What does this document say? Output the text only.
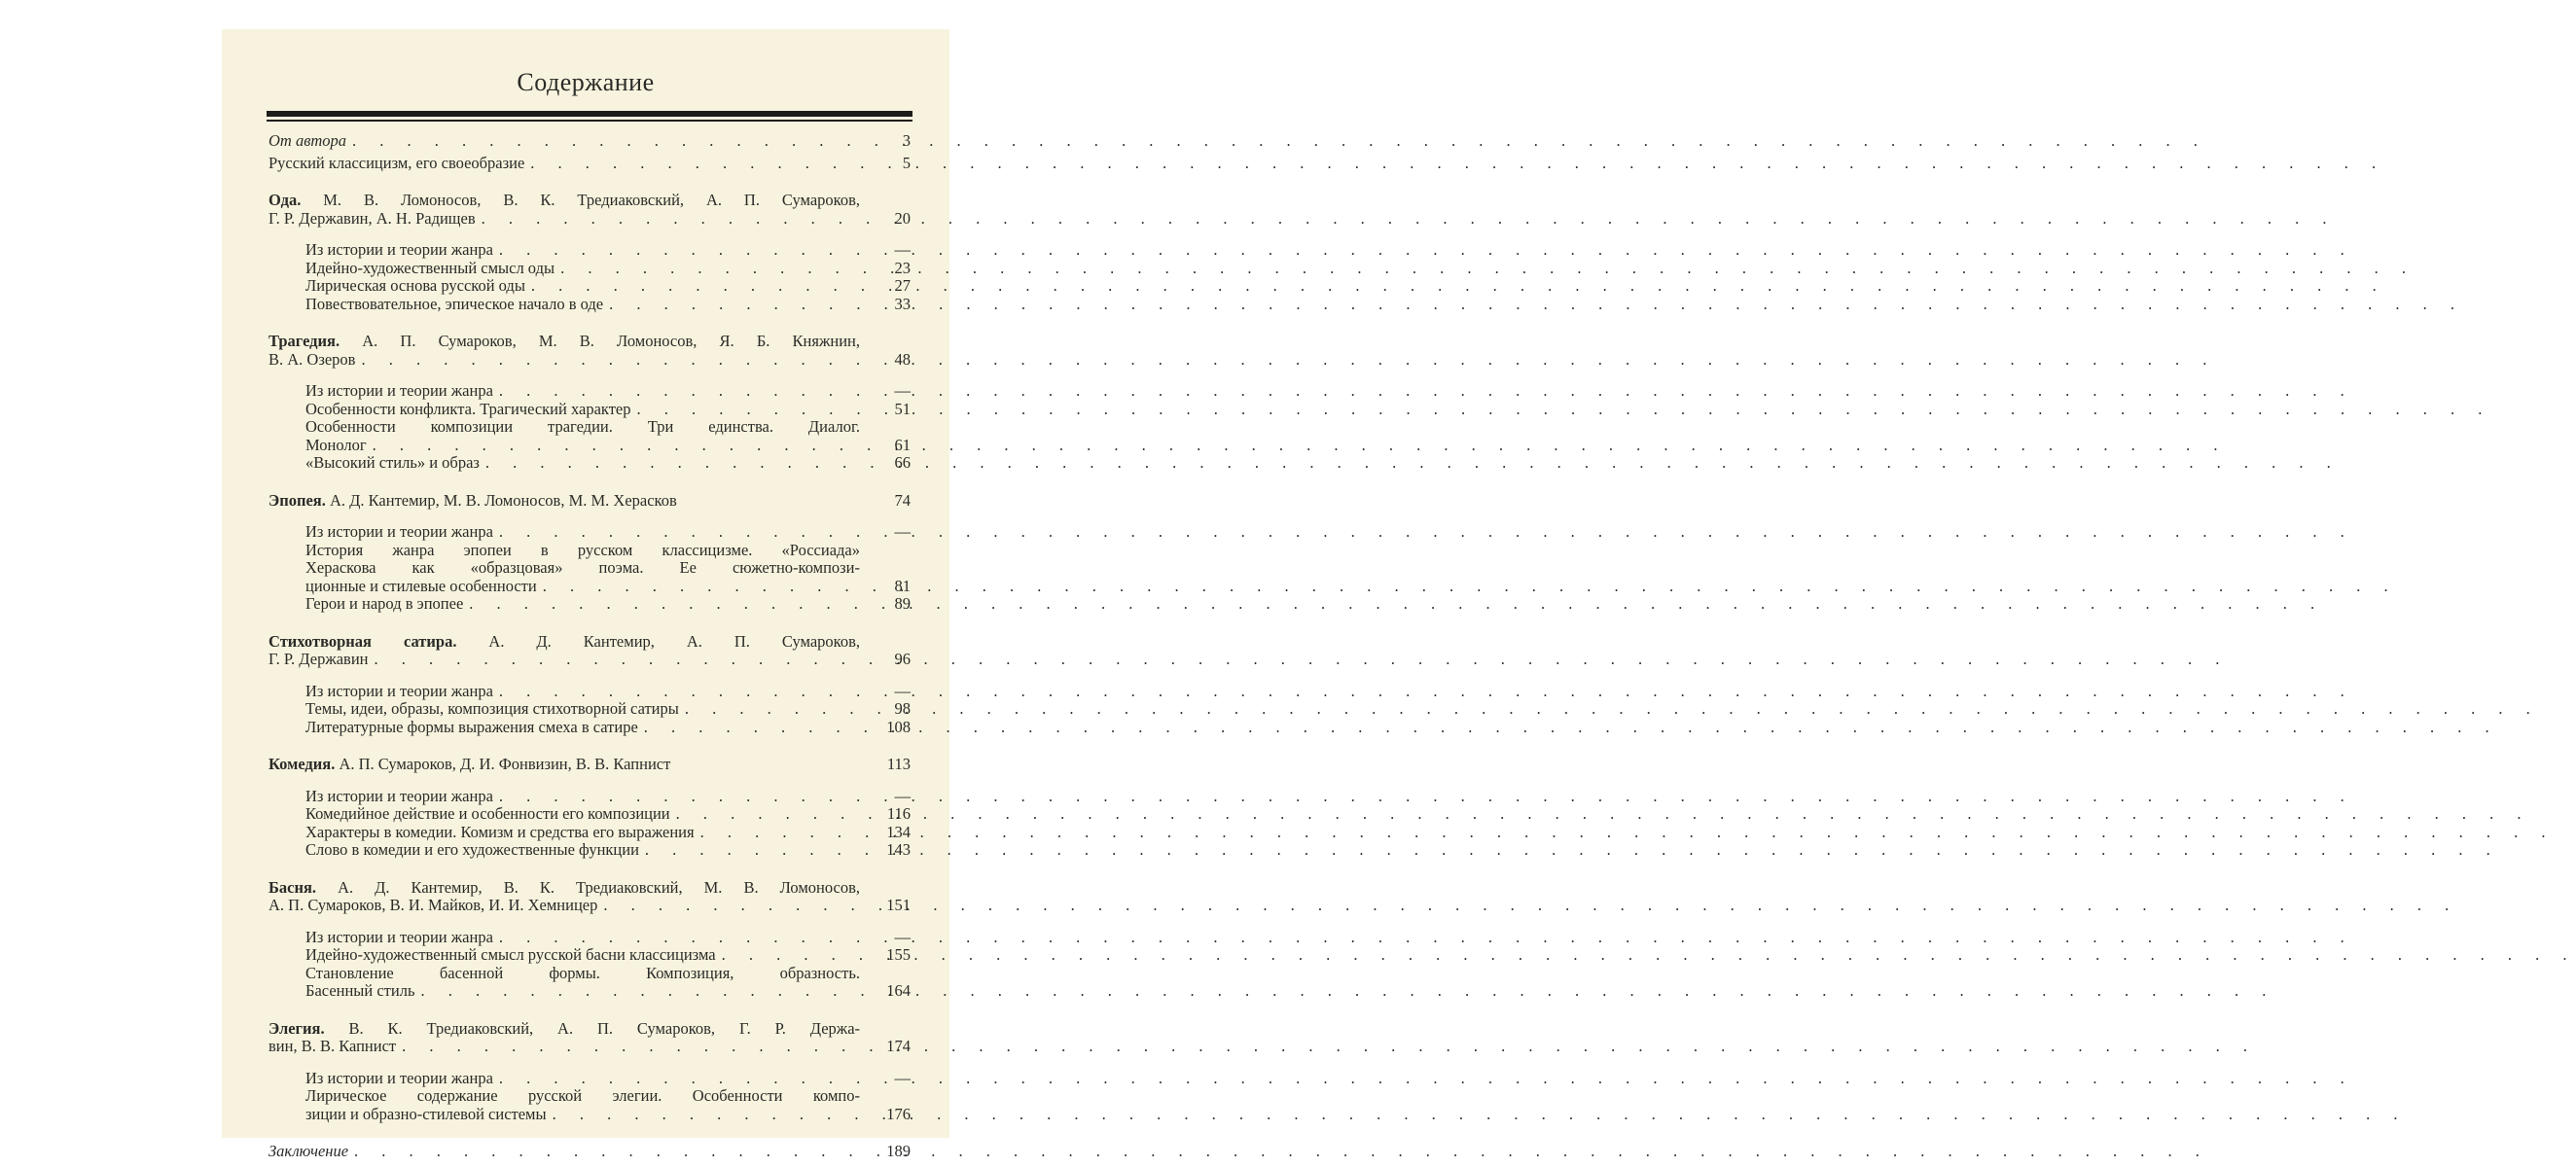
Содержание
От автора . . .	3
Русский классицизм, его своеобразие . . .	5
Ода. М. В. Ломоносов, В. К. Тредиаковский, А. П. Сумароков,
Г. Р. Державин, А. Н. Радищев . . .	20
Из истории и теории жанра . . .	—
Идейно-художественный смысл оды . . .	23
Лирическая основа русской оды . . .	27
Повествовательное, эпическое начало в оде . . .	33
Трагедия. А. П. Сумароков, М. В. Ломоносов, Я. Б. Княжнин,
В. А. Озеров . . .	48
Из истории и теории жанра . . .	—
Особенности конфликта. Трагический характер . . .	51
Особенности композиции трагедии. Три единства. Диалог.
Монолог . . .	61
«Высокий стиль» и образ . . .	66
Эпопея. А. Д. Кантемир, М. В. Ломоносов, М. М. Херасков	74
Из истории и теории жанра . . .	—
История жанра эпопеи в русском классицизме. «Россиада»
Хераскова как «образцовая» поэма. Ее сюжетно-компози-
ционные и стилевые особенности . . .	81
Герои и народ в эпопее . . .	89
Стихотворная сатира. А. Д. Кантемир, А. П. Сумароков,
Г. Р. Державин . . .	96
Из истории и теории жанра . . .	—
Темы, идеи, образы, композиция стихотворной сатиры . . .	98
Литературные формы выражения смеха в сатире . . .	108
Комедия. А. П. Сумароков, Д. И. Фонвизин, В. В. Капнист	113
Из истории и теории жанра . . .	—
Комедийное действие и особенности его композиции . . .	116
Характеры в комедии. Комизм и средства его выражения . . .	134
Слово в комедии и его художественные функции . . .	143
Басня. А. Д. Кантемир, В. К. Тредиаковский, М. В. Ломоносов,
А. П. Сумароков, В. И. Майков, И. И. Хемницер . . .	151
Из истории и теории жанра . . .	—
Идейно-художественный смысл русской басни классицизма . . .	155
Становление басенной формы. Композиция, образность.
Басенный стиль . . .	164
Элегия. В. К. Тредиаковский, А. П. Сумароков, Г. Р. Держа-
вин, В. В. Капнист . . .	174
Из истории и теории жанра . . .	—
Лирическое содержание русской элегии. Особенности компо-
зиции и образно-стилевой системы . . .	176
Заключение . . .	189
